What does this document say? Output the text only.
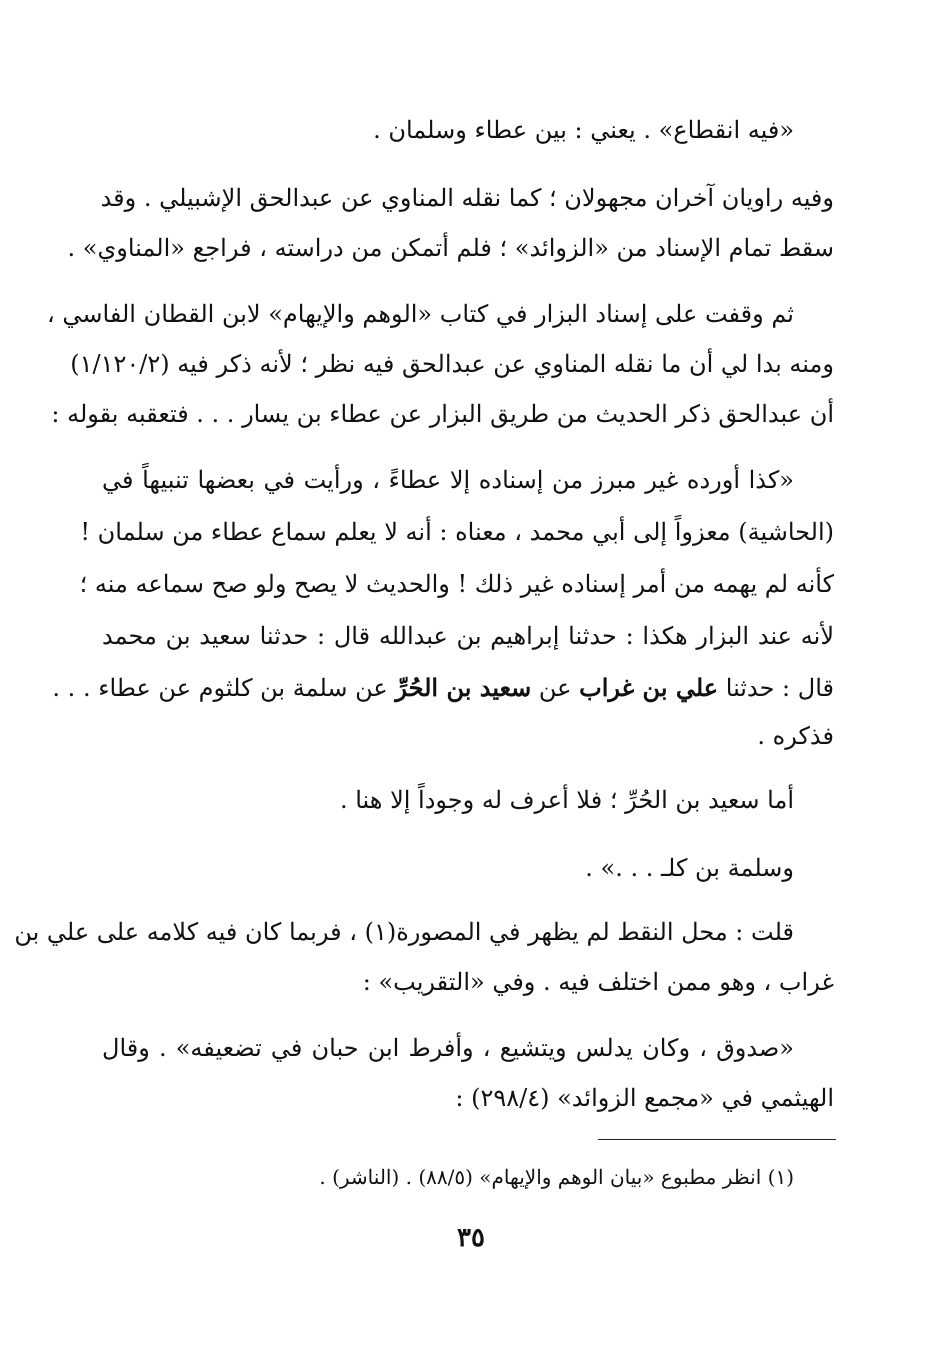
«فيه انقطاع» . يعني : بين عطاء وسلمان .
وفيه راويان آخران مجهولان ؛ كما نقله المناوي عن عبدالحق الإشبيلي . وقد
سقط تمام الإسناد من «الزوائد» ؛ فلم أتمكن من دراسته ، فراجع «المناوي» .
ثم وقفت على إسناد البزار في كتاب «الوهم والإيهام» لابن القطان الفاسي ،
ومنه بدا لي أن ما نقله المناوي عن عبدالحق فيه نظر ؛ لأنه ذكر فيه (١/١٢٠/٢)
أن عبدالحق ذكر الحديث من طريق البزار عن عطاء بن يسار . . . فتعقبه بقوله :
«كذا أورده غير مبرز من إسناده إلا عطاءً ، ورأيت في بعضها تنبيهاً في
(الحاشية) معزواً إلى أبي محمد ، معناه : أنه لا يعلم سماع عطاء من سلمان !
كأنه لم يهمه من أمر إسناده غير ذلك ! والحديث لا يصح ولو صح سماعه منه ؛
لأنه عند البزار هكذا : حدثنا إبراهيم بن عبدالله قال : حدثنا سعيد بن محمد
قال : حدثنا علي بن غراب عن سعيد بن الحُرِّ عن سلمة بن كلثوم عن عطاء . . .
فذكره .
أما سعيد بن الحُرِّ ؛ فلا أعرف له وجوداً إلا هنا .
وسلمة بن كلـ . . .» .
قلت : محل النقط لم يظهر في المصورة(١) ، فربما كان فيه كلامه على علي بن
غراب ، وهو ممن اختلف فيه . وفي «التقريب» :
«صدوق ، وكان يدلس ويتشيع ، وأفرط ابن حبان في تضعيفه» . وقال
الهيثمي في «مجمع الزوائد» (٢٩٨/٤) :
(١) انظر مطبوع «بيان الوهم والإيهام» (٨٨/٥) . (الناشر) .
٣٥
